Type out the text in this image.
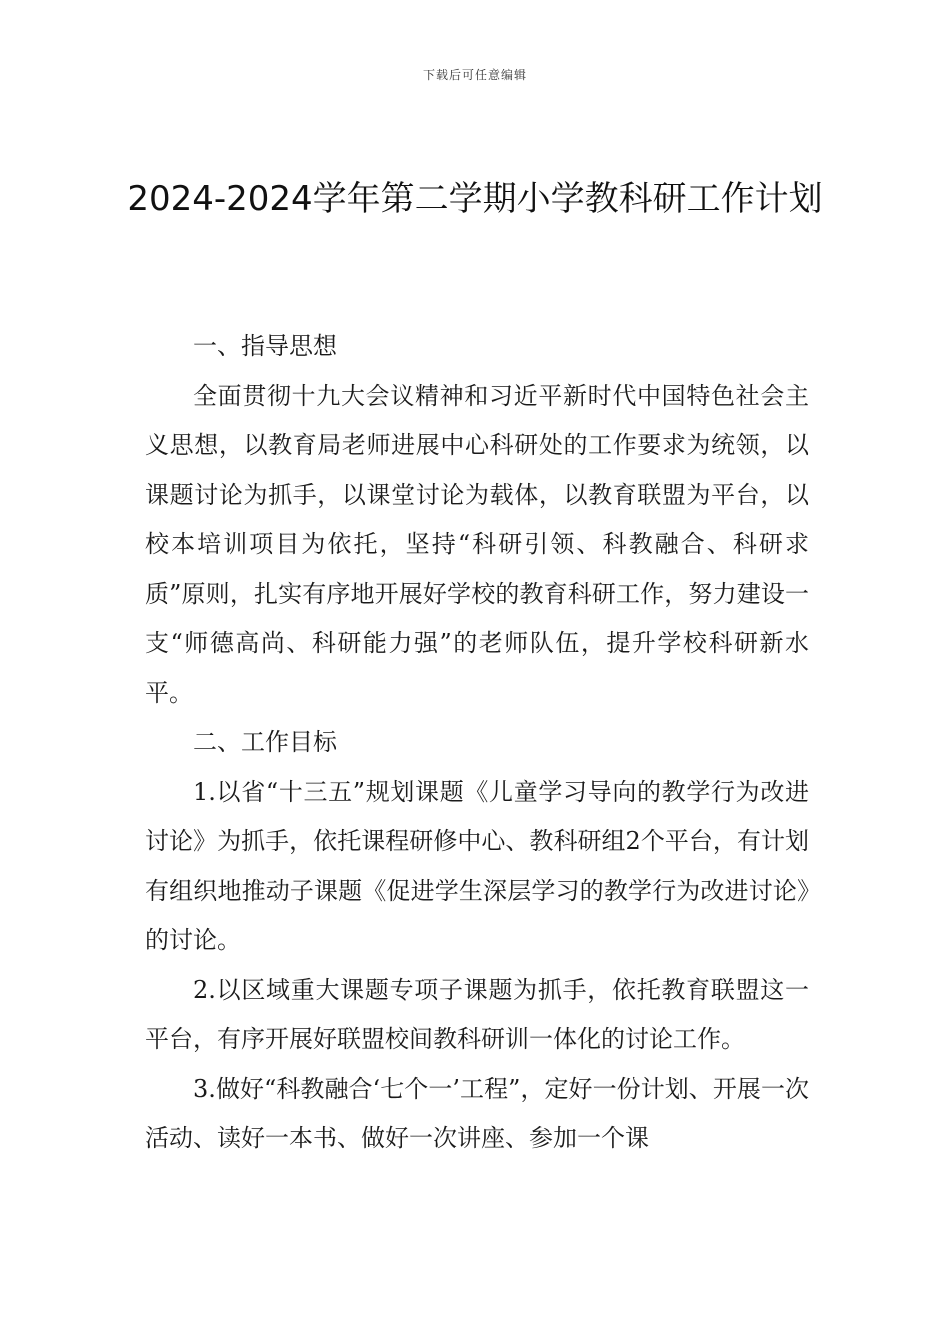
下载后可任意编辑
2024-2024学年第二学期小学教科研工作计划

一、指导思想

全面贯彻十九大会议精神和习近平新时代中国特色社会主义思想，以教育局老师进展中心科研处的工作要求为统领，以课题讨论为抓手，以课堂讨论为载体，以教育联盟为平台，以校本培训项目为依托，坚持“科研引领、科教融合、科研求质”原则，扎实有序地开展好学校的教育科研工作，努力建设一支“师德高尚、科研能力强”的老师队伍，提升学校科研新水平。

二、工作目标

1.以省“十三五”规划课题《儿童学习导向的教学行为改进讨论》为抓手，依托课程研修中心、教科研组2个平台，有计划有组织地推动子课题《促进学生深层学习的教学行为改进讨论》的讨论。

2.以区域重大课题专项子课题为抓手，依托教育联盟这一平台，有序开展好联盟校间教科研训一体化的讨论工作。

3.做好“科教融合‘七个一’工程”，定好一份计划、开展一次活动、读好一本书、做好一次讲座、参加一个课
